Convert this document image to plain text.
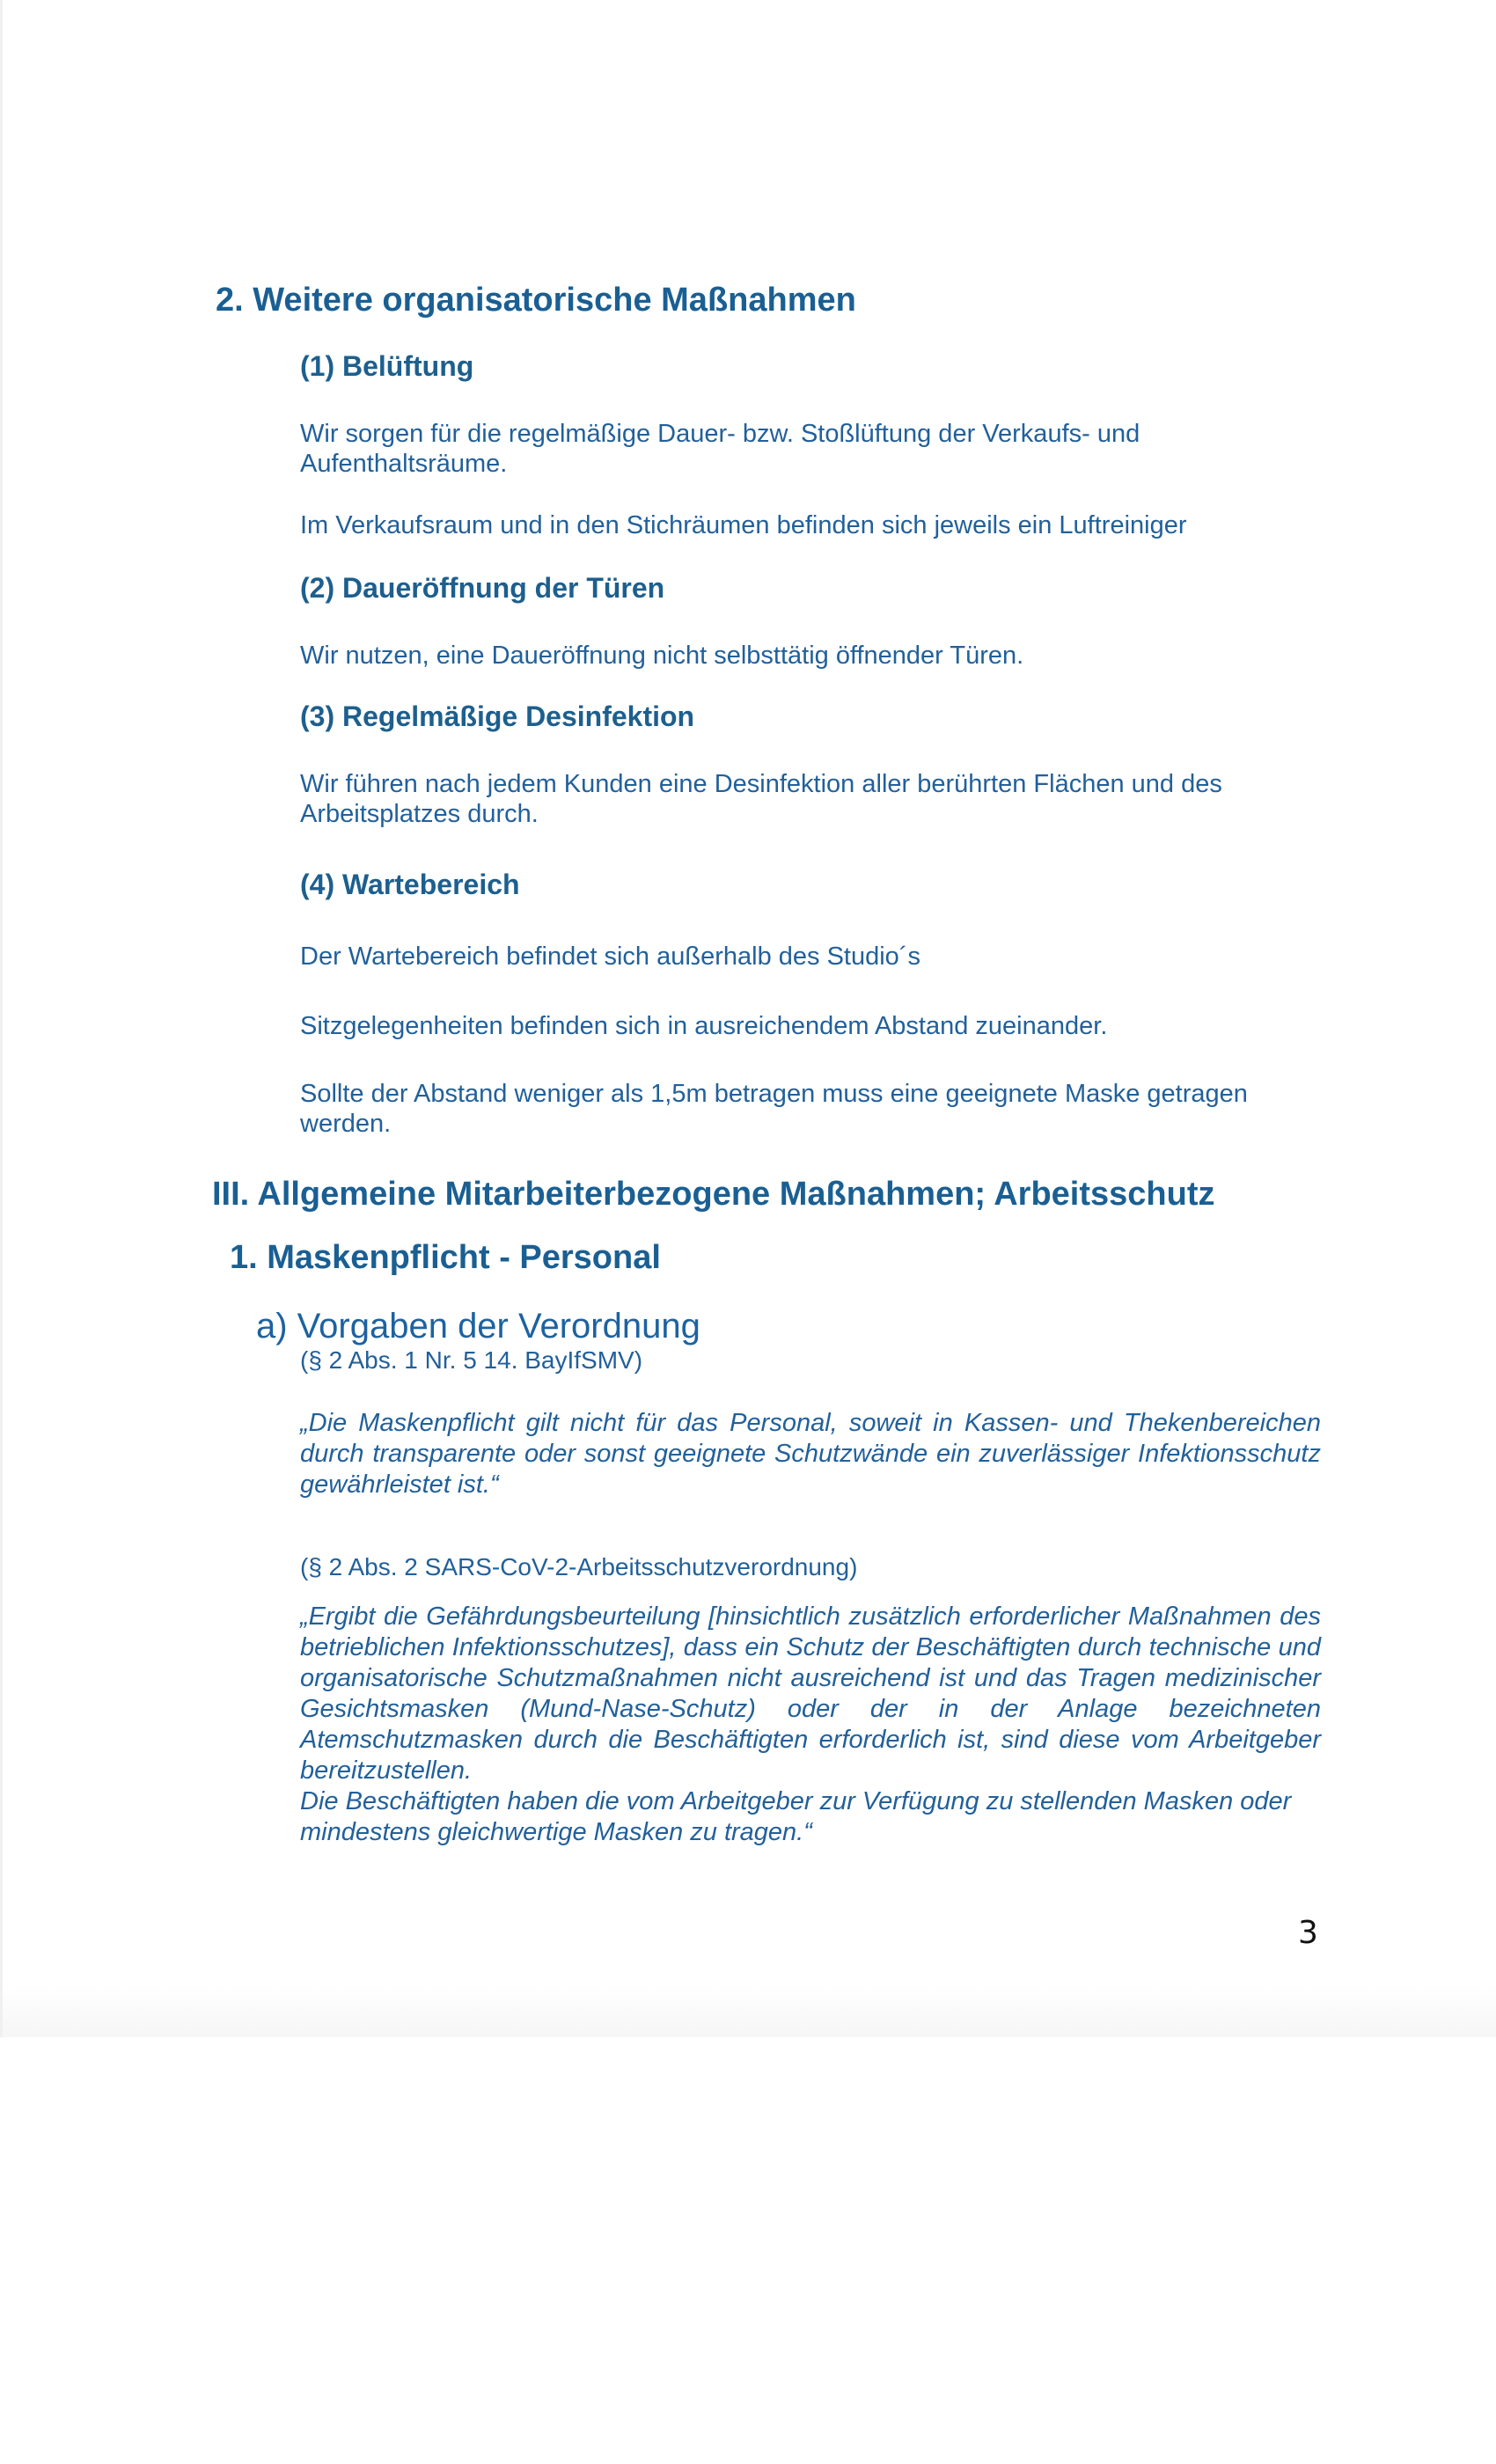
2. Weitere organisatorische Maßnahmen
(1) Belüftung
Wir sorgen für die regelmäßige Dauer- bzw. Stoßlüftung der Verkaufs- und Aufenthaltsräume.
Im Verkaufsraum und in den Stichräumen befinden sich jeweils ein Luftreiniger
(2) Daueröffnung der Türen
Wir nutzen, eine Daueröffnung nicht selbsttätig öffnender Türen.
(3) Regelmäßige Desinfektion
Wir führen nach jedem Kunden eine Desinfektion aller berührten Flächen und des Arbeitsplatzes durch.
(4) Wartebereich
Der Wartebereich befindet sich außerhalb des Studio´s
Sitzgelegenheiten befinden sich in ausreichendem Abstand zueinander.
Sollte der Abstand weniger als 1,5m betragen muss eine geeignete Maske getragen werden.
III. Allgemeine Mitarbeiterbezogene Maßnahmen; Arbeitsschutz
1. Maskenpflicht - Personal
a) Vorgaben der Verordnung
(§ 2 Abs. 1 Nr. 5 14. BayIfSMV)
„Die Maskenpflicht gilt nicht für das Personal, soweit in Kassen- und Thekenbereichen durch transparente oder sonst geeignete Schutzwände ein zuverlässiger Infektionsschutz gewährleistet ist.“
(§ 2 Abs. 2 SARS-CoV-2-Arbeitsschutzverordnung)
„Ergibt die Gefährdungsbeurteilung [hinsichtlich zusätzlich erforderlicher Maßnahmen des betrieblichen Infektionsschutzes], dass ein Schutz der Beschäftigten durch technische und organisatorische Schutzmaßnahmen nicht ausreichend ist und das Tragen medizinischer Gesichtsmasken (Mund-Nase-Schutz) oder der in der Anlage bezeichneten Atemschutzmasken durch die Beschäftigten erforderlich ist, sind diese vom Arbeitgeber bereitzustellen.
Die Beschäftigten haben die vom Arbeitgeber zur Verfügung zu stellenden Masken oder mindestens gleichwertige Masken zu tragen.“
3
